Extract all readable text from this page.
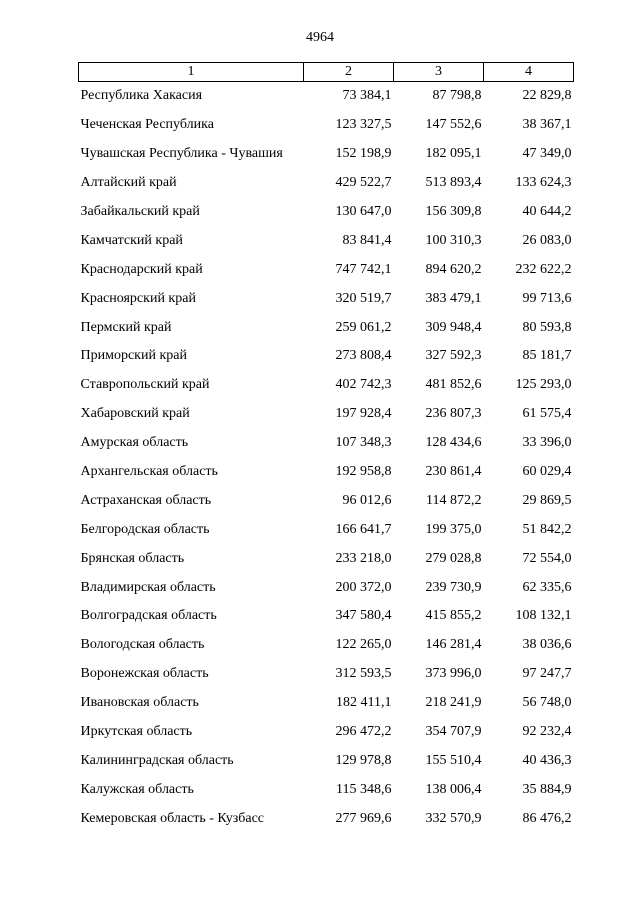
4964
1	2	3	4
Республика Хакасия	73 384,1	87 798,8	22 829,8
Чеченская Республика	123 327,5	147 552,6	38 367,1
Чувашская Республика - Чувашия	152 198,9	182 095,1	47 349,0
Алтайский край	429 522,7	513 893,4	133 624,3
Забайкальский край	130 647,0	156 309,8	40 644,2
Камчатский край	83 841,4	100 310,3	26 083,0
Краснодарский край	747 742,1	894 620,2	232 622,2
Красноярский край	320 519,7	383 479,1	99 713,6
Пермский край	259 061,2	309 948,4	80 593,8
Приморский край	273 808,4	327 592,3	85 181,7
Ставропольский край	402 742,3	481 852,6	125 293,0
Хабаровский край	197 928,4	236 807,3	61 575,4
Амурская область	107 348,3	128 434,6	33 396,0
Архангельская область	192 958,8	230 861,4	60 029,4
Астраханская область	96 012,6	114 872,2	29 869,5
Белгородская область	166 641,7	199 375,0	51 842,2
Брянская область	233 218,0	279 028,8	72 554,0
Владимирская область	200 372,0	239 730,9	62 335,6
Волгоградская область	347 580,4	415 855,2	108 132,1
Вологодская область	122 265,0	146 281,4	38 036,6
Воронежская область	312 593,5	373 996,0	97 247,7
Ивановская область	182 411,1	218 241,9	56 748,0
Иркутская область	296 472,2	354 707,9	92 232,4
Калининградская область	129 978,8	155 510,4	40 436,3
Калужская область	115 348,6	138 006,4	35 884,9
Кемеровская область - Кузбасс	277 969,6	332 570,9	86 476,2
